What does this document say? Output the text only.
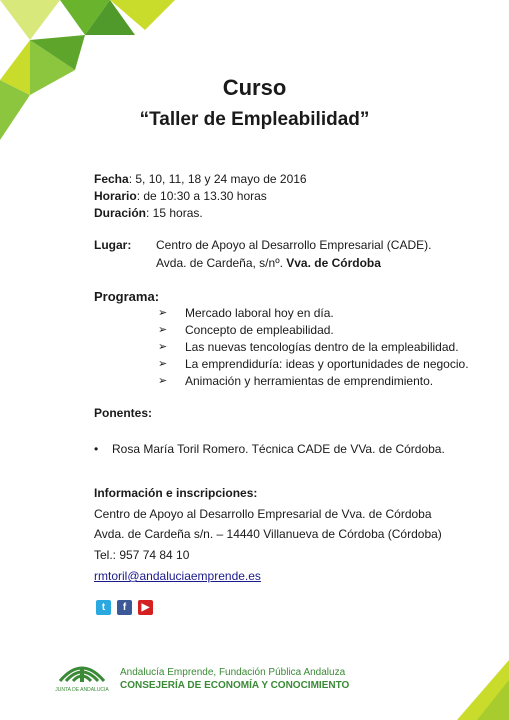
Curso
“Taller de Empleabilidad”
Fecha: 5, 10, 11, 18 y 24 mayo de 2016
Horario: de 10:30 a 13.30 horas
Duración: 15 horas.
Lugar: Centro de Apoyo al Desarrollo Empresarial (CADE).
Avda. de Cardeña, s/nº. Vva. de Córdoba
Programa:
➢ Mercado laboral hoy en día.
➢ Concepto de empleabilidad.
➢ Las nuevas tencologías dentro de la empleabilidad.
➢ La emprendiduría: ideas y oportunidades de negocio.
➢ Animación y herramientas de emprendimiento.
Ponentes:
• Rosa María Toril Romero. Técnica CADE de VVa. de Córdoba.
Información e inscripciones:
Centro de Apoyo al Desarrollo Empresarial de Vva. de Córdoba
Avda. de Cardeña s/n. – 14440 Villanueva de Córdoba (Córdoba)
Tel.: 957 74 84 10
rmtoril@andaluciaemprende.es
t	f	▶
JUNTA DE ANDALUCIA
Andalucía Emprende, Fundación Pública Andaluza
CONSEJERÍA DE ECONOMÍA Y CONOCIMIENTO
